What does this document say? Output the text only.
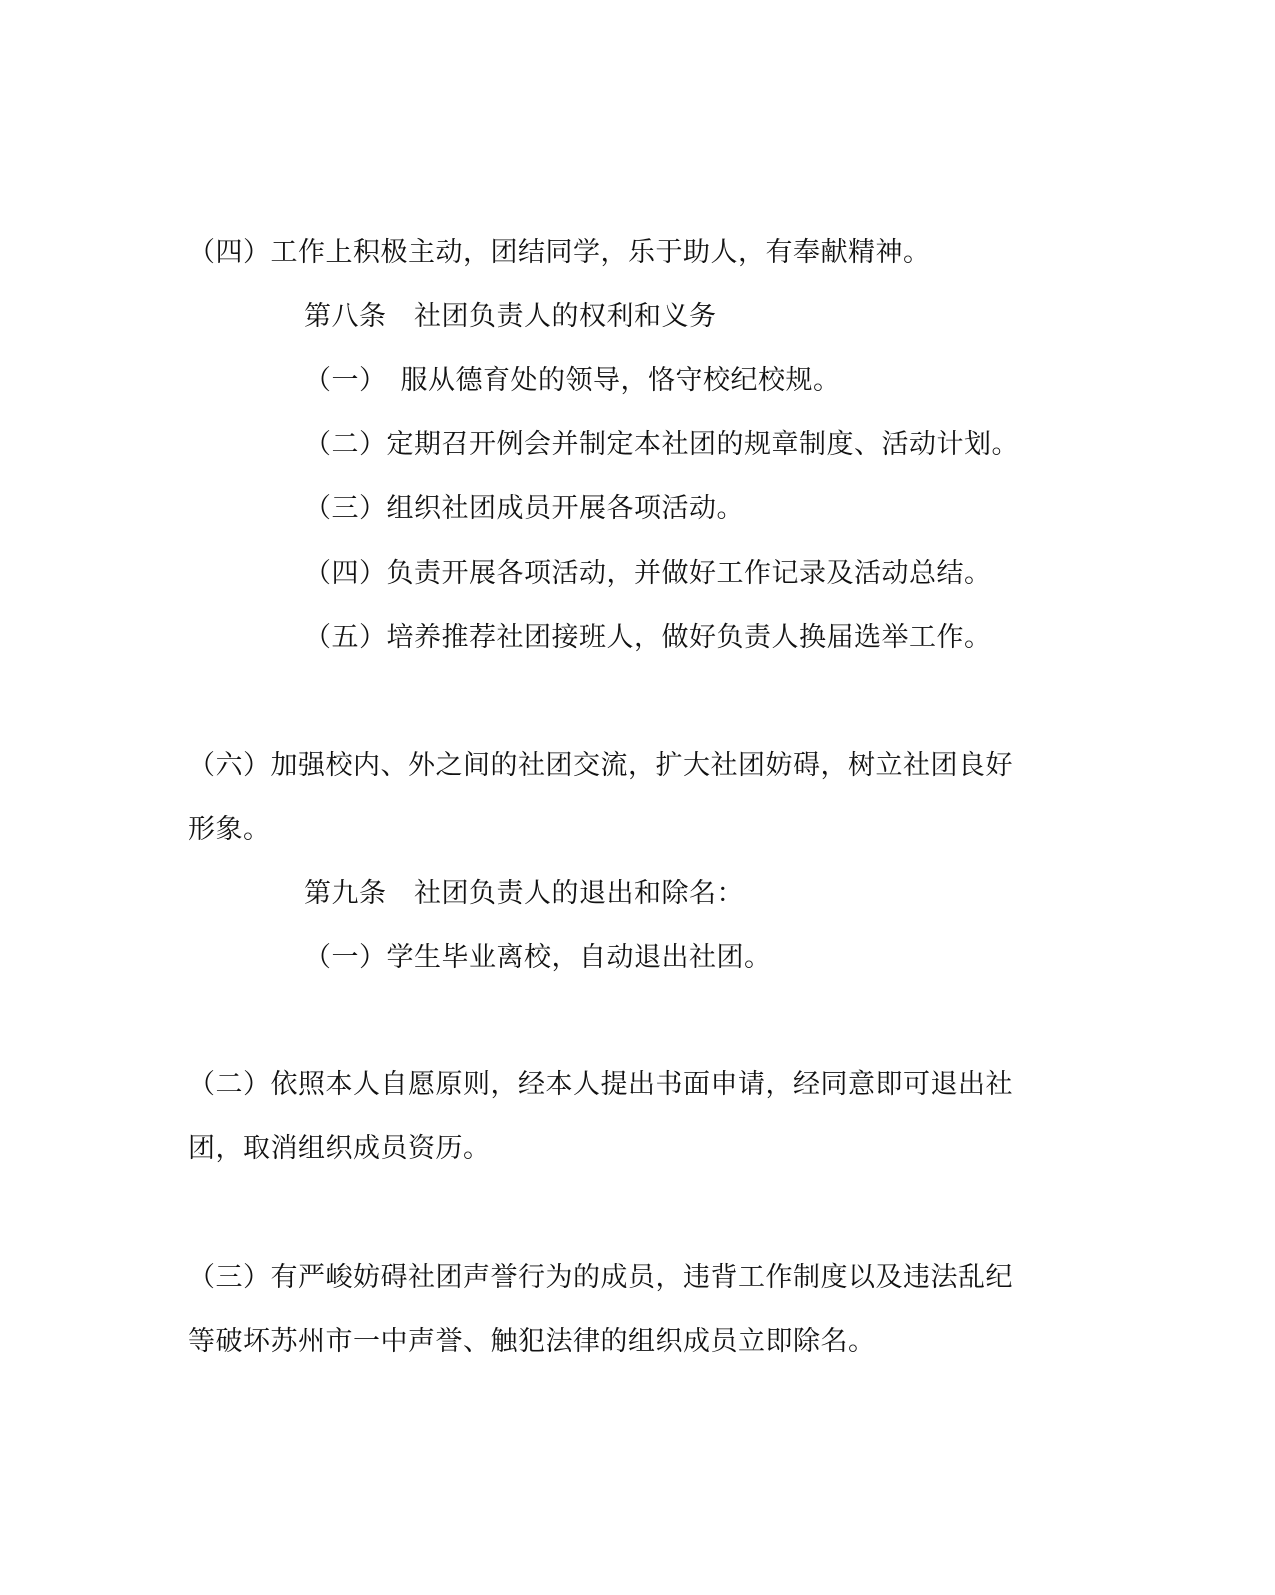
（四）工作上积极主动，团结同学，乐于助人，有奉献精神。
第八条　社团负责人的权利和义务
（一）　服从德育处的领导，恪守校纪校规。
（二）定期召开例会并制定本社团的规章制度、活动计划。
（三）组织社团成员开展各项活动。
（四）负责开展各项活动，并做好工作记录及活动总结。
（五）培养推荐社团接班人，做好负责人换届选举工作。
（六）加强校内、外之间的社团交流，扩大社团妨碍，树立社团良好
形象。
第九条　社团负责人的退出和除名：
（一）学生毕业离校，自动退出社团。
（二）依照本人自愿原则，经本人提出书面申请，经同意即可退出社
团，取消组织成员资历。
（三）有严峻妨碍社团声誉行为的成员，违背工作制度以及违法乱纪
等破坏苏州市一中声誉、触犯法律的组织成员立即除名。
